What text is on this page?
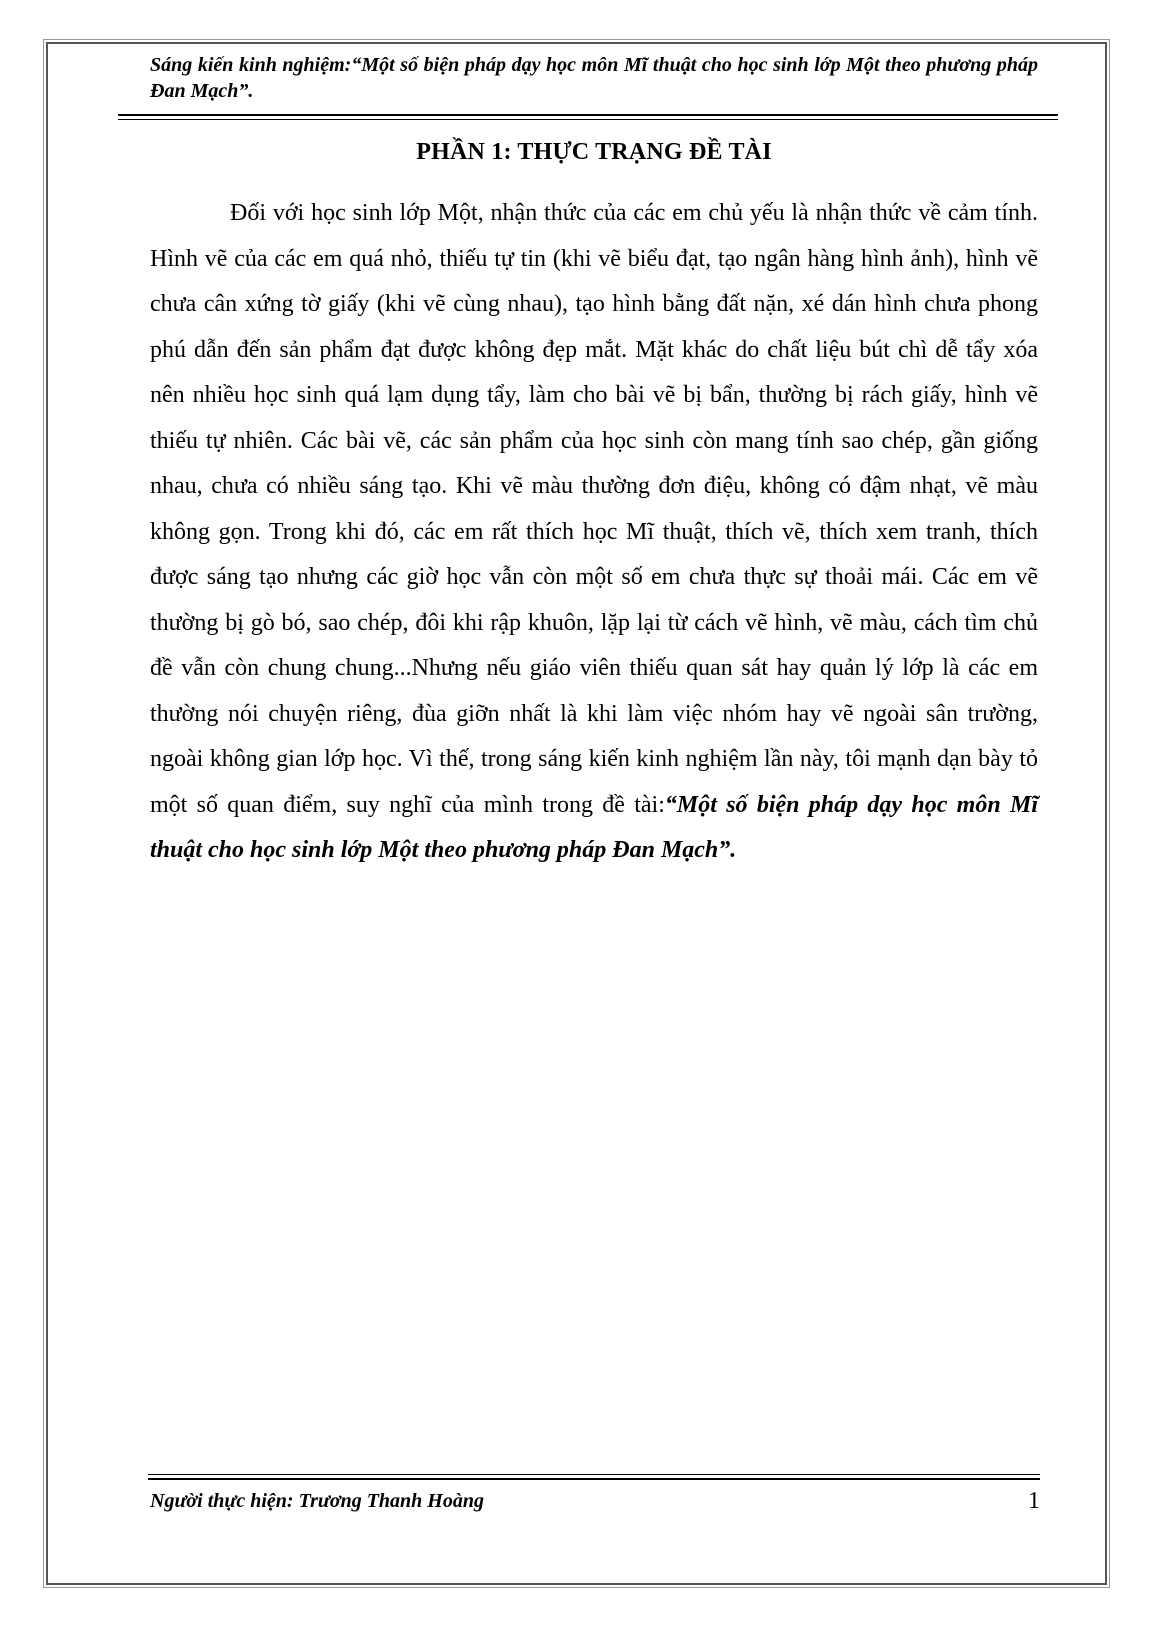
Sáng kiến kinh nghiệm:“Một số biện pháp dạy học môn Mĩ thuật cho học sinh lớp Một theo phương pháp Đan Mạch”.
PHẦN 1: THỰC TRẠNG ĐỀ TÀI

Đối với học sinh lớp Một, nhận thức của các em chủ yếu là nhận thức về cảm tính. Hình vẽ của các em quá nhỏ, thiếu tự tin (khi vẽ biểu đạt, tạo ngân hàng hình ảnh), hình vẽ chưa cân xứng tờ giấy (khi vẽ cùng nhau), tạo hình bằng đất nặn, xé dán hình chưa phong phú dẫn đến sản phẩm đạt được không đẹp mắt. Mặt khác do chất liệu bút chì dễ tẩy xóa nên nhiều học sinh quá lạm dụng tẩy, làm cho bài vẽ bị bẩn, thường bị rách giấy, hình vẽ thiếu tự nhiên. Các bài vẽ, các sản phẩm của học sinh còn mang tính sao chép, gần giống nhau, chưa có nhiều sáng tạo. Khi vẽ màu thường đơn điệu, không có đậm nhạt, vẽ màu không gọn. Trong khi đó, các em rất thích học Mĩ thuật, thích vẽ, thích xem tranh, thích được sáng tạo nhưng các giờ học vẫn còn một số em chưa thực sự thoải mái. Các em vẽ thường bị gò bó, sao chép, đôi khi rập khuôn, lặp lại từ cách vẽ hình, vẽ màu, cách tìm chủ đề vẫn còn chung chung...Nhưng nếu giáo viên thiếu quan sát hay quản lý lớp là các em thường nói chuyện riêng, đùa giỡn nhất là khi làm việc nhóm hay vẽ ngoài sân trường, ngoài không gian lớp học. Vì thế, trong sáng kiến kinh nghiệm lần này, tôi mạnh dạn bày tỏ một số quan điểm, suy nghĩ của mình trong đề tài:“Một số biện pháp dạy học môn Mĩ thuật cho học sinh lớp Một theo phương pháp Đan Mạch”.

Người thực hiện: Trương Thanh Hoàng	1
